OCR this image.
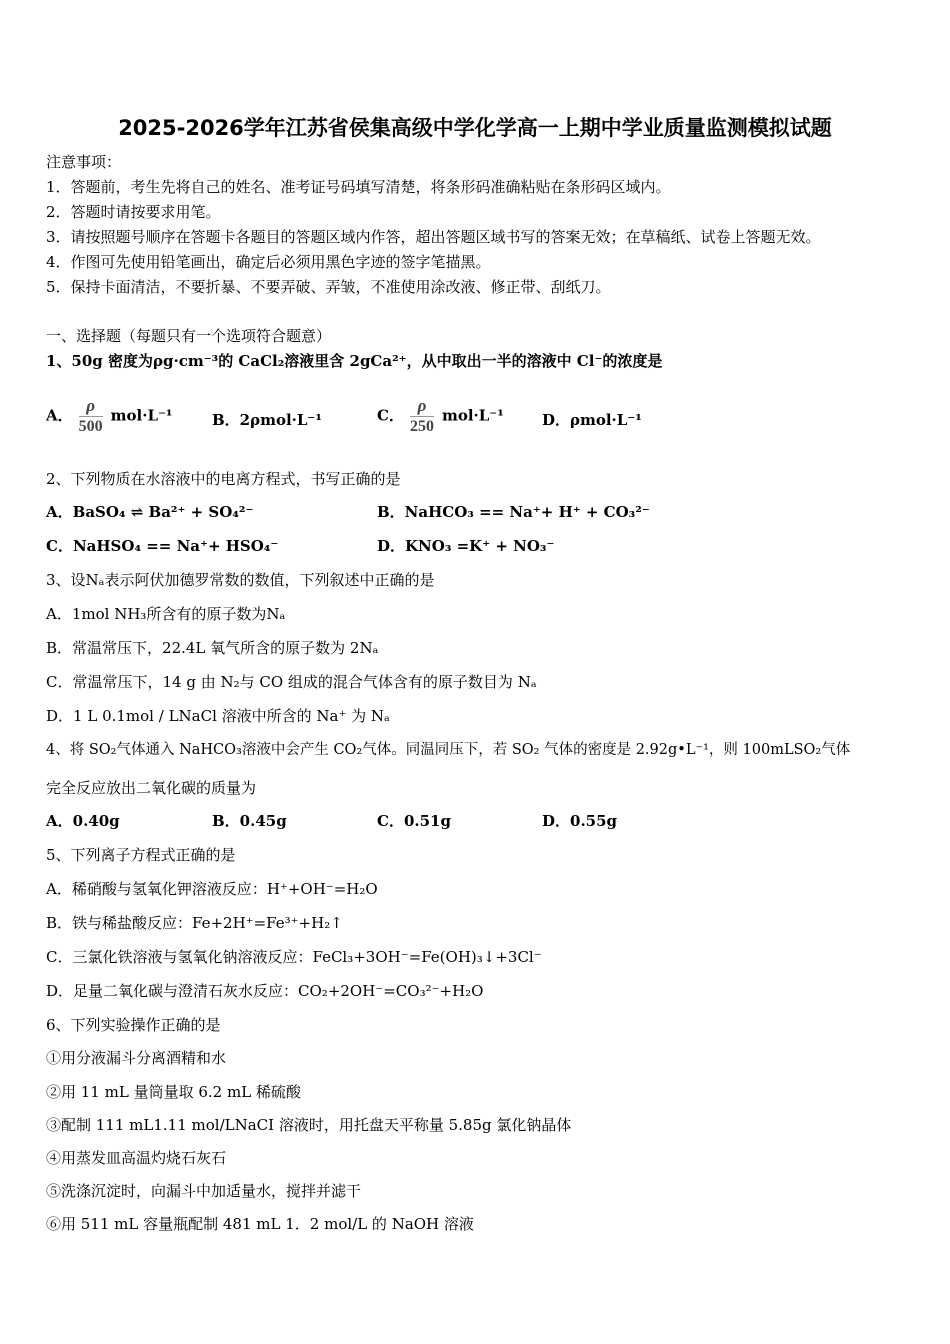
2025-2026学年江苏省侯集高级中学化学高一上期中学业质量监测模拟试题
注意事项：
1．答题前，考生先将自己的姓名、准考证号码填写清楚，将条形码准确粘贴在条形码区域内。
2．答题时请按要求用笔。
3．请按照题号顺序在答题卡各题目的答题区域内作答，超出答题区域书写的答案无效；在草稿纸、试卷上答题无效。
4．作图可先使用铅笔画出，确定后必须用黑色字迹的签字笔描黑。
5．保持卡面清洁，不要折暴、不要弄破、弄皱，不准使用涂改液、修正带、刮纸刀。
一、选择题（每题只有一个选项符合题意）
1、50g 密度为ρg·cm⁻³的 CaCl₂溶液里含 2gCa²⁺，从中取出一半的溶液中 Cl⁻的浓度是
A． $\frac{\rho}{500} mol\cdot L^{-1}$	B．2ρmol·L⁻¹	C． $\frac{\rho}{250} mol\cdot L^{-1}$	D．ρmol·L⁻¹
2、下列物质在水溶液中的电离方程式，书写正确的是
A．BaSO₄ ⇌ Ba²⁺ + SO₄²⁻	B．NaHCO₃ == Na⁺+ H⁺ + CO₃²⁻
C．NaHSO₄ == Na⁺+ HSO₄⁻	D．KNO₃ =K⁺ + NO₃⁻
3、设Nₐ表示阿伏加德罗常数的数值，下列叙述中正确的是
A．1mol NH₃所含有的原子数为Nₐ
B．常温常压下，22.4L 氧气所含的原子数为 2Nₐ
C．常温常压下，14 g 由 N₂与 CO 组成的混合气体含有的原子数目为 Nₐ
D．1 L 0.1mol / LNaCl 溶液中所含的 Na⁺ 为 Nₐ
4、将 SO₂气体通入 NaHCO₃溶液中会产生 CO₂气体。同温同压下，若 SO₂ 气体的密度是 2.92g•L⁻¹，则 100mLSO₂气体
完全反应放出二氧化碳的质量为
A．0.40g	B．0.45g	C．0.51g	D．0.55g
5、下列离子方程式正确的是
A．稀硝酸与氢氧化钾溶液反应：H⁺+OH⁻=H₂O
B．铁与稀盐酸反应：Fe+2H⁺=Fe³⁺+H₂↑
C．三氯化铁溶液与氢氧化钠溶液反应：FeCl₃+3OH⁻=Fe(OH)₃↓+3Cl⁻
D．足量二氧化碳与澄清石灰水反应：CO₂+2OH⁻=CO₃²⁻+H₂O
6、下列实验操作正确的是
①用分液漏斗分离酒精和水
②用 11 mL 量筒量取 6.2 mL 稀硫酸
③配制 111 mL1.11 mol/LNaCI 溶液时，用托盘天平称量 5.85g 氯化钠晶体
④用蒸发皿高温灼烧石灰石
⑤洗涤沉淀时，向漏斗中加适量水，搅拌并滤干
⑥用 511 mL 容量瓶配制 481 mL 1．2 mol/L 的 NaOH 溶液
